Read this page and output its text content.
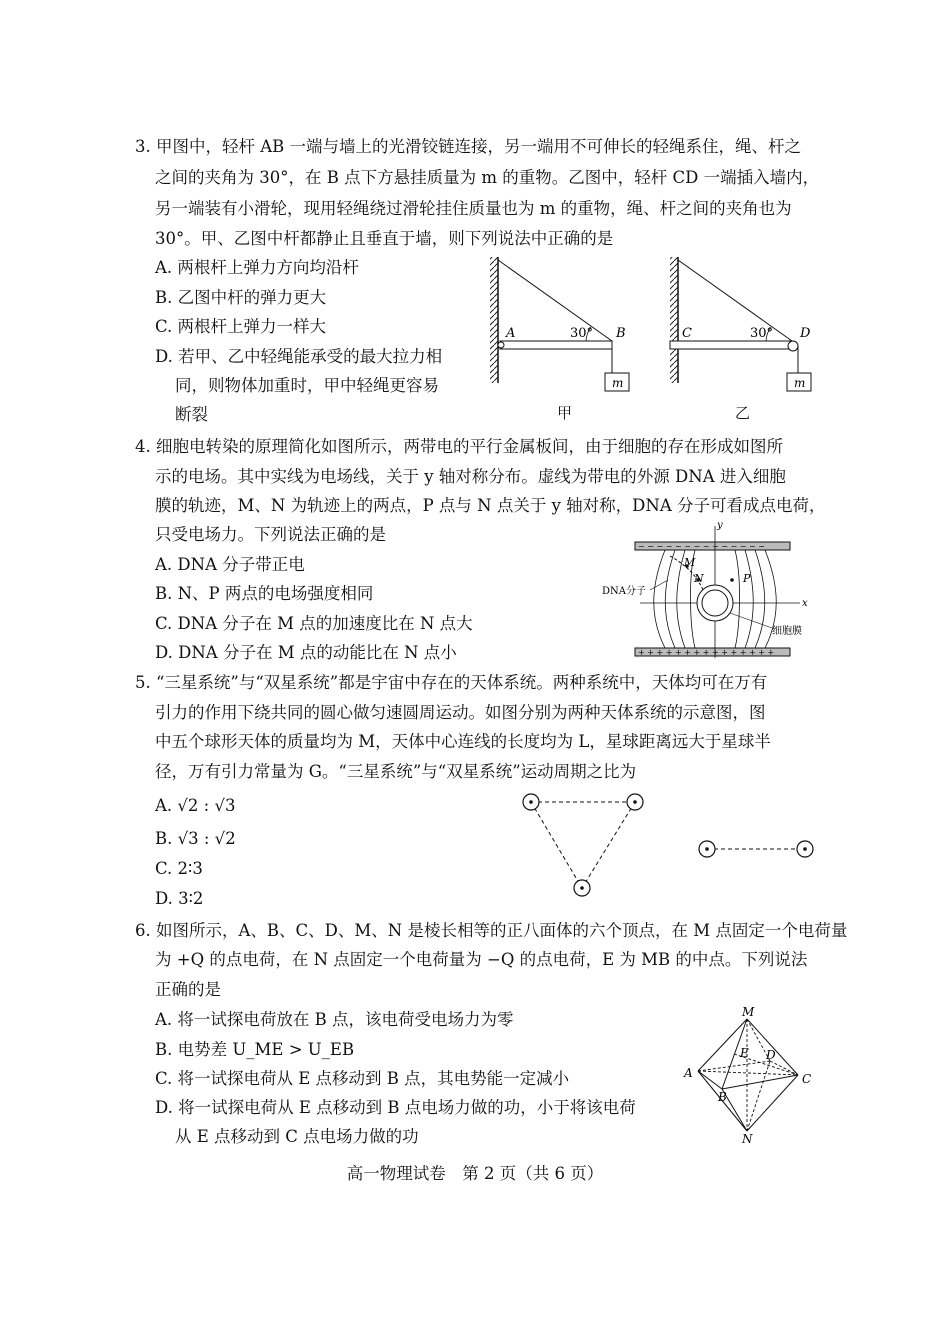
3. 甲图中，轻杆 AB 一端与墙上的光滑铰链连接，另一端用不可伸长的轻绳系住，绳、杆之
之间的夹角为 30°，在 B 点下方悬挂质量为 m 的重物。乙图中，轻杆 CD 一端插入墙内，
另一端装有小滑轮，现用轻绳绕过滑轮挂住质量也为 m 的重物，绳、杆之间的夹角也为
30°。甲、乙图中杆都静止且垂直于墙，则下列说法中正确的是
A. 两根杆上弹力方向均沿杆
B. 乙图中杆的弹力更大
C. 两根杆上弹力一样大
D. 若甲、乙中轻绳能承受的最大拉力相
同，则物体加重时，甲中轻绳更容易
断裂
A	30° B
m
甲
C	30° D
m
乙
4. 细胞电转染的原理简化如图所示，两带电的平行金属板间，由于细胞的存在形成如图所
示的电场。其中实线为电场线，关于 y 轴对称分布。虚线为带电的外源 DNA 进入细胞
膜的轨迹，M、N 为轨迹上的两点，P 点与 N 点关于 y 轴对称，DNA 分子可看成点电荷，
只受电场力。下列说法正确的是
A. DNA 分子带正电
B. N、P 两点的电场强度相同
C. DNA 分子在 M 点的加速度比在 N 点大
D. DNA 分子在 M 点的动能比在 N 点小
− − − − − − − − − − − − − −
+ + + + + + + + + + + + + + +
y
x
M
N	P
DNA分子
细胞膜
5. “三星系统”与“双星系统”都是宇宙中存在的天体系统。两种系统中，天体均可在万有
引力的作用下绕共同的圆心做匀速圆周运动。如图分别为两种天体系统的示意图，图
中五个球形天体的质量均为 M，天体中心连线的长度均为 L，星球距离远大于星球半
径，万有引力常量为 G。“三星系统”与“双星系统”运动周期之比为
A. √2 : √3
B. √3 : √2
C. 2∶3
D. 3∶2
6. 如图所示，A、B、C、D、M、N 是棱长相等的正八面体的六个顶点，在 M 点固定一个电荷量
为 +Q 的点电荷，在 N 点固定一个电荷量为 −Q 的点电荷，E 为 MB 的中点。下列说法
正确的是
A. 将一试探电荷放在 B 点，该电荷受电场力为零
B. 电势差 U_ME > U_EB
C. 将一试探电荷从 E 点移动到 B 点，其电势能一定减小
D. 将一试探电荷从 E 点移动到 B 点电场力做的功，小于将该电荷
从 E 点移动到 C 点电场力做的功
M
N
A
B
C
D
E
高一物理试卷　第 2 页（共 6 页）
